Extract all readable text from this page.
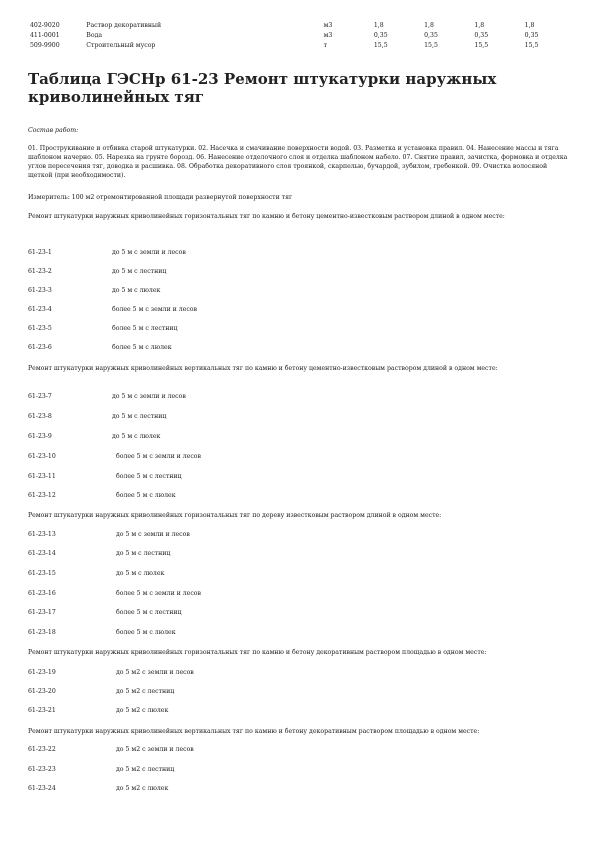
402-9020	Раствор декоративный	м3	1,8	1,8	1,8	1,8
411-0001	Вода	м3	0,35	0,35	0,35	0,35
509-9900	Строительный мусор	т	15,5	15,5	15,5	15,5
Таблица ГЭСНр 61-23 Ремонт штукатурки наружных криволинейных тяг
Состав работ:
01. Прострукивание и отбивка старой штукатурки. 02. Насечка и смачивание поверхности водой. 03. Разметка и установка правил. 04. Нанесение массы и тяга шаблоном начерно. 05. Нарезка на грунте борозд. 06. Нанесение отделочного слоя и отделка шаблоном набело. 07. Снятие правил, зачистка, формовка и отделка углов пересечения тяг, доводка и расшивка. 08. Обработка декоративного слоя троянкой, скарпелью, бучардой, зубилом, гребенкой. 09. Очистка волосяной щеткой (при необходимости).
Измеритель: 100 м2 отремонтированной площади развернутой поверхности тяг
Ремонт штукатурки наружных криволинейных горизонтальных тяг по камню и бетону цементно-известковым раствором длиной в одном месте:
61-23-1	до 5 м с земли и лесов
61-23-2	до 5 м с лестниц
61-23-3	до 5 м с люлек
61-23-4	более 5 м с земли и лесов
61-23-5	более 5 м с лестниц
61-23-6	более 5 м с люлек
Ремонт штукатурки наружных криволинейных вертикальных тяг по камню и бетону цементно-известковым раствором длиной в одном месте:
61-23-7	до 5 м с земли и лесов
61-23-8	до 5 м с лестниц
61-23-9	до 5 м с люлек
61-23-10	более 5 м с земли и лесов
61-23-11	более 5 м с лестниц
61-23-12	более 5 м с люлек
Ремонт штукатурки наружных криволинейных горизонтальных тяг по дереву известковым раствором длиной в одном месте:
61-23-13	до 5 м с земли и лесов
61-23-14	до 5 м с лестниц
61-23-15	до 5 м с люлек
61-23-16	более 5 м с земли и лесов
61-23-17	более 5 м с лестниц
61-23-18	более 5 м с люлек
Ремонт штукатурки наружных криволинейных горизонтальных тяг по камню и бетону декоративным раствором площадью в одном месте:
61-23-19	до 5 м2 с земли и лесов
61-23-20	до 5 м2 с лестниц
61-23-21	до 5 м2 с люлек
Ремонт штукатурки наружных криволинейных вертикальных тяг по камню и бетону декоративным раствором площадью в одном месте:
61-23-22	до 5 м2 с земли и лесов
61-23-23	до 5 м2 с лестниц
61-23-24	до 5 м2 с люлек
